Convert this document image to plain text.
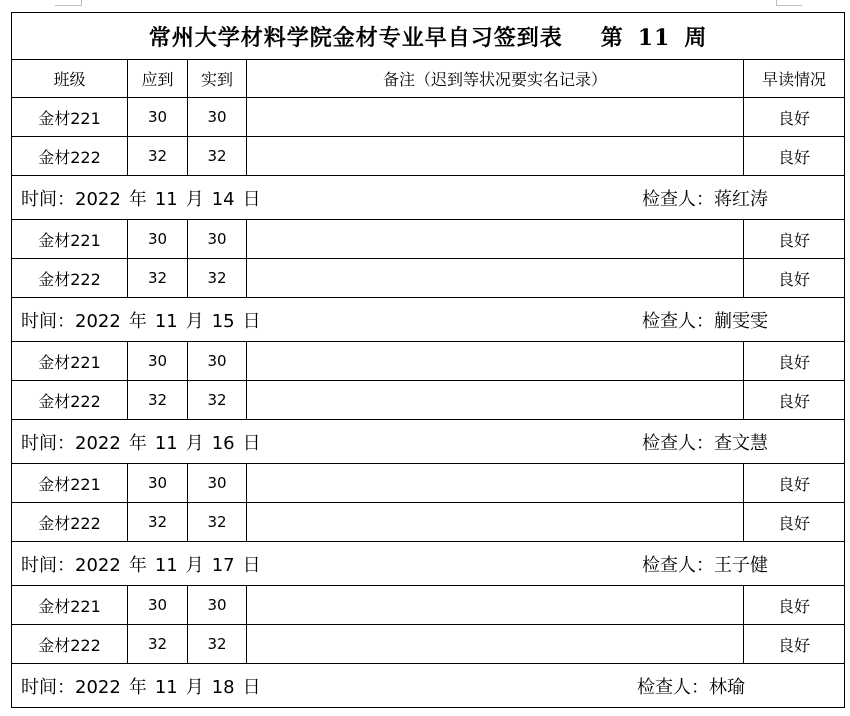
常州大学材料学院金材专业早自习签到表 第 11 周				
班级	应到	实到	备注（迟到等状况要实名记录）	早读情况
金材221	30	30		良好
金材222	32	32		良好

时间：2022 年 11 月 14 日 检查人：蒋红涛				

金材221	30	30		良好
金材222	32	32		良好

时间：2022 年 11 月 15 日 检查人：蒯雯雯				

金材221	30	30		良好
金材222	32	32		良好

时间：2022 年 11 月 16 日 检查人：查文慧				

金材221	30	30		良好
金材222	32	32		良好

时间：2022 年 11 月 17 日 检查人：王子健				

金材221	30	30		良好
金材222	32	32		良好

时间：2022 年 11 月 18 日 检查人：林瑜				
